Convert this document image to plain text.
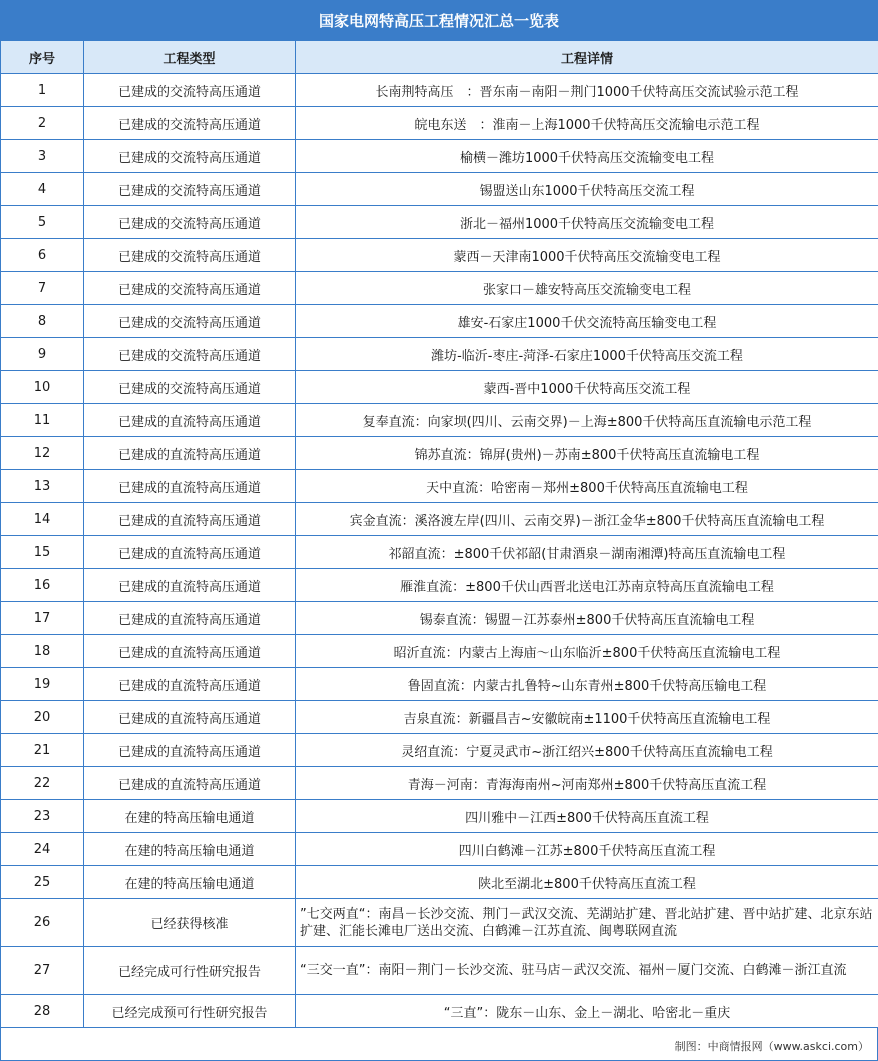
国家电网特高压工程情况汇总一览表
序号	工程类型	工程详情
1	已建成的交流特高压通道	长南荆特高压　：晋东南－南阳－荆门1000千伏特高压交流试验示范工程
2	已建成的交流特高压通道	皖电东送　：淮南－上海1000千伏特高压交流输电示范工程
3	已建成的交流特高压通道	榆横－潍坊1000千伏特高压交流输变电工程
4	已建成的交流特高压通道	锡盟送山东1000千伏特高压交流工程
5	已建成的交流特高压通道	浙北－福州1000千伏特高压交流输变电工程
6	已建成的交流特高压通道	蒙西－天津南1000千伏特高压交流输变电工程
7	已建成的交流特高压通道	张家口－雄安特高压交流输变电工程
8	已建成的交流特高压通道	雄安-石家庄1000千伏交流特高压输变电工程
9	已建成的交流特高压通道	潍坊-临沂-枣庄-菏泽-石家庄1000千伏特高压交流工程
10	已建成的交流特高压通道	蒙西-晋中1000千伏特高压交流工程
11	已建成的直流特高压通道	复奉直流：向家坝(四川、云南交界)－上海±800千伏特高压直流输电示范工程
12	已建成的直流特高压通道	锦苏直流：锦屏(贵州)－苏南±800千伏特高压直流输电工程
13	已建成的直流特高压通道	天中直流：哈密南－郑州±800千伏特高压直流输电工程
14	已建成的直流特高压通道	宾金直流：溪洛渡左岸(四川、云南交界)－浙江金华±800千伏特高压直流输电工程
15	已建成的直流特高压通道	祁韶直流：±800千伏祁韶(甘肃酒泉－湖南湘潭)特高压直流输电工程
16	已建成的直流特高压通道	雁淮直流：±800千伏山西晋北送电江苏南京特高压直流输电工程
17	已建成的直流特高压通道	锡泰直流：锡盟－江苏泰州±800千伏特高压直流输电工程
18	已建成的直流特高压通道	昭沂直流：内蒙古上海庙～山东临沂±800千伏特高压直流输电工程
19	已建成的直流特高压通道	鲁固直流：内蒙古扎鲁特~山东青州±800千伏特高压输电工程
20	已建成的直流特高压通道	吉泉直流：新疆昌吉~安徽皖南±1100千伏特高压直流输电工程
21	已建成的直流特高压通道	灵绍直流：宁夏灵武市~浙江绍兴±800千伏特高压直流输电工程
22	已建成的直流特高压通道	青海－河南：青海海南州~河南郑州±800千伏特高压直流工程
23	在建的特高压输电通道	四川雅中－江西±800千伏特高压直流工程
24	在建的特高压输电通道	四川白鹤滩－江苏±800千伏特高压直流工程
25	在建的特高压输电通道	陕北至湖北±800千伏特高压直流工程
26	已经获得核准	”七交两直“：南昌－长沙交流、荆门－武汉交流、芜湖站扩建、晋北站扩建、晋中站扩建、北京东站扩建、汇能长滩电厂送出交流、白鹤滩－江苏直流、闽粤联网直流
27	已经完成可行性研究报告	“三交一直”：南阳－荆门－长沙交流、驻马店－武汉交流、福州－厦门交流、白鹤滩－浙江直流
28	已经完成预可行性研究报告	“三直”：陇东－山东、金上－湖北、哈密北－重庆
制图：中商情报网（www.askci.com）
